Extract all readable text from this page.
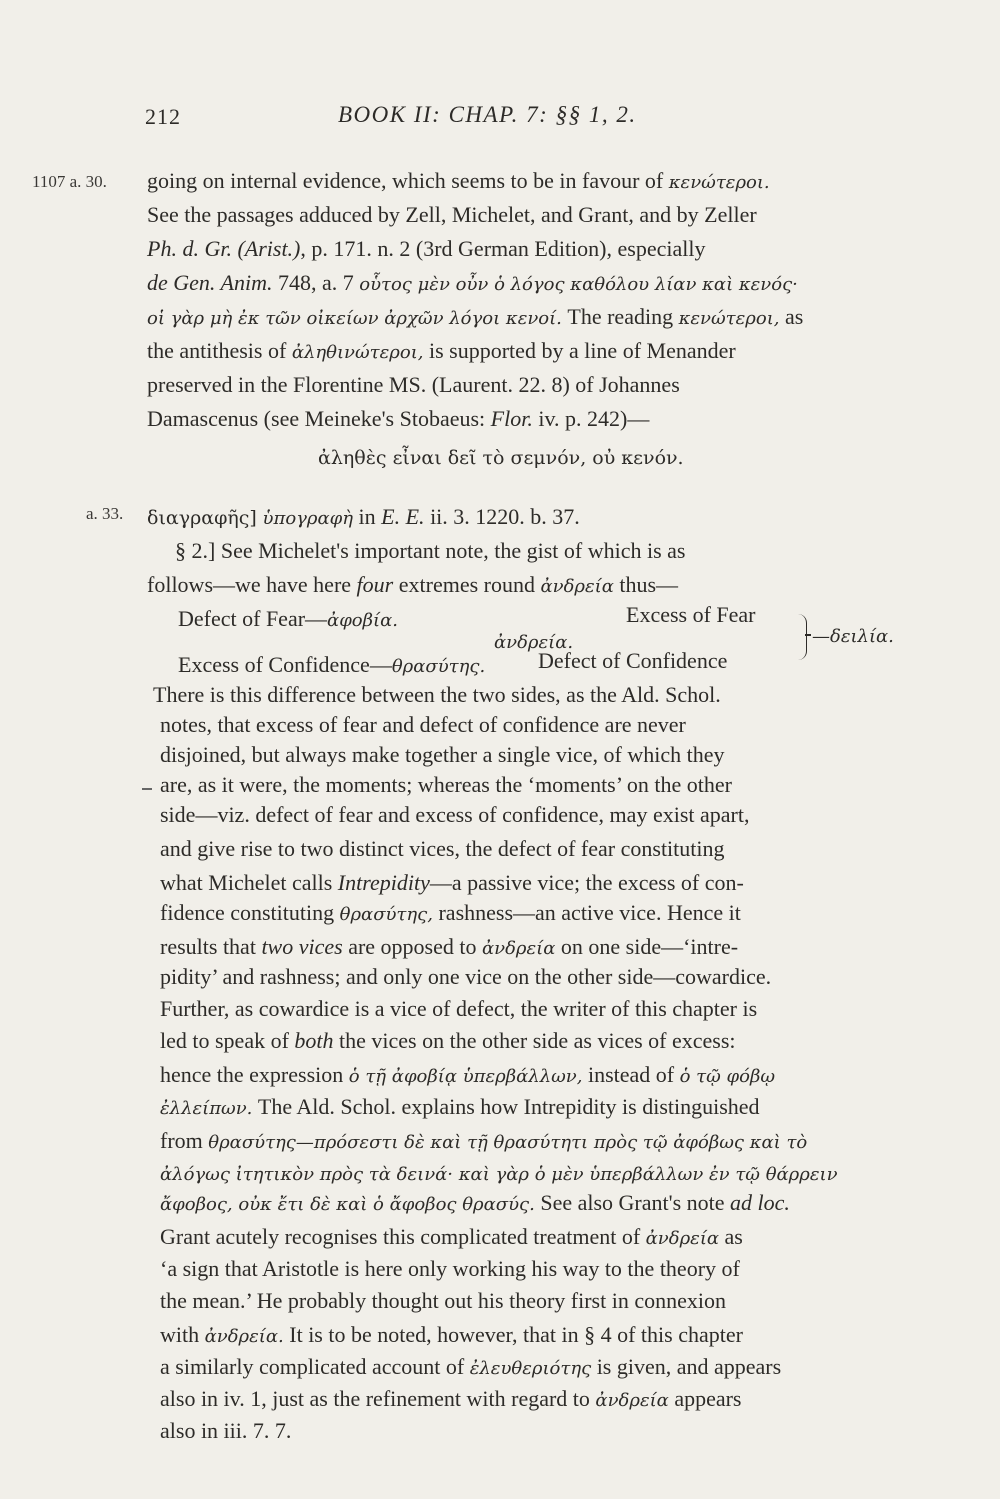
212	BOOK II: CHAP. 7: §§ 1, 2.
1107 a. 30.
a. 33.
going on internal evidence, which seems to be in favour of κενώτεροι.
See the passages adduced by Zell, Michelet, and Grant, and by Zeller
Ph. d. Gr. (Arist.), p. 171. n. 2 (3rd German Edition), especially
de Gen. Anim. 748, a. 7 οὗτος μὲν οὖν ὁ λόγος καθόλου λίαν καὶ κενός·
οἱ γὰρ μὴ ἐκ τῶν οἰκείων ἀρχῶν λόγοι κενοί. The reading κενώτεροι, as
the antithesis of ἀληθινώτεροι, is supported by a line of Menander
preserved in the Florentine MS. (Laurent. 22. 8) of Johannes
Damascenus (see Meineke's Stobaeus: Flor. iv. p. 242)—
ἀληθὲς εἶναι δεῖ τὸ σεμνόν, οὐ κενόν.
διαγραφῆς] ὑπογραφὴ in E. E. ii. 3. 1220. b. 37.
§ 2.] See Michelet's important note, the gist of which is as
follows—we have here four extremes round ἀνδρεία thus—
Defect of Fear—ἀφοβία.	Excess of Fear
ἀνδρεία.	—δειλία.
Excess of Confidence—θρασύτης. Defect of Confidence
There is this difference between the two sides, as the Ald. Schol.
notes, that excess of fear and defect of confidence are never
disjoined, but always make together a single vice, of which they
are, as it were, the moments; whereas the ‘moments’ on the other
side—viz. defect of fear and excess of confidence, may exist apart,
and give rise to two distinct vices, the defect of fear constituting
what Michelet calls Intrepidity—a passive vice; the excess of con-
fidence constituting θρασύτης, rashness—an active vice. Hence it
results that two vices are opposed to ἀνδρεία on one side—‘intre-
pidity’ and rashness; and only one vice on the other side—cowardice.
Further, as cowardice is a vice of defect, the writer of this chapter is
led to speak of both the vices on the other side as vices of excess:
hence the expression ὁ τῇ ἀφοβίᾳ ὑπερβάλλων, instead of ὁ τῷ φόβῳ
ἐλλείπων. The Ald. Schol. explains how Intrepidity is distinguished
from θρασύτης—πρόσεστι δὲ καὶ τῇ θρασύτητι πρὸς τῷ ἀφόβως καὶ τὸ
ἀλόγως ἰτητικὸν πρὸς τὰ δεινά· καὶ γὰρ ὁ μὲν ὑπερβάλλων ἐν τῷ θάρρειν
ἄφοβος, οὐκ ἔτι δὲ καὶ ὁ ἄφοβος θρασύς. See also Grant's note ad loc.
Grant acutely recognises this complicated treatment of ἀνδρεία as
‘a sign that Aristotle is here only working his way to the theory of
the mean.’ He probably thought out his theory first in connexion
with ἀνδρεία. It is to be noted, however, that in § 4 of this chapter
a similarly complicated account of ἐλευθεριότης is given, and appears
also in iv. 1, just as the refinement with regard to ἀνδρεία appears
also in iii. 7. 7.
